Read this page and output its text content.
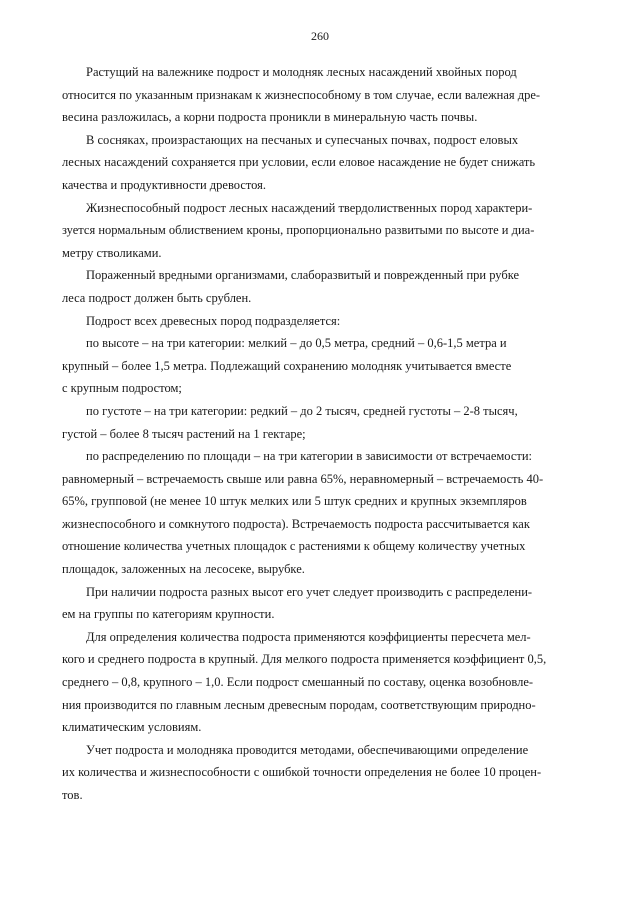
260
Растущий на валежнике подрост и молодняк лесных насаждений хвойных пород
относится по указанным признакам к жизнеспособному в том случае, если валежная дре-
весина разложилась, а корни подроста проникли в минеральную часть почвы.
В сосняках, произрастающих на песчаных и супесчаных почвах, подрост еловых
лесных насаждений сохраняется при условии, если еловое насаждение не будет снижать
качества и продуктивности древостоя.
Жизнеспособный подрост лесных насаждений твердолиственных пород характери-
зуется нормальным облиствением кроны, пропорционально развитыми по высоте и диа-
метру стволиками.
Пораженный вредными организмами, слаборазвитый и поврежденный при рубке
леса подрост должен быть срублен.
Подрост всех древесных пород подразделяется:
по высоте – на три категории: мелкий – до 0,5 метра, средний – 0,6-1,5 метра и
крупный – более 1,5 метра. Подлежащий сохранению молодняк учитывается вместе
с крупным подростом;
по густоте – на три категории: редкий – до 2 тысяч, средней густоты – 2-8 тысяч,
густой – более 8 тысяч растений на 1 гектаре;
по распределению по площади – на три категории в зависимости от встречаемости:
равномерный – встречаемость свыше или равна 65%, неравномерный – встречаемость 40-
65%, групповой (не менее 10 штук мелких или 5 штук средних и крупных экземпляров
жизнеспособного и сомкнутого подроста). Встречаемость подроста рассчитывается как
отношение количества учетных площадок с растениями к общему количеству учетных
площадок, заложенных на лесосеке, вырубке.
При наличии подроста разных высот его учет следует производить с распределени-
ем на группы по категориям крупности.
Для определения количества подроста применяются коэффициенты пересчета мел-
кого и среднего подроста в крупный. Для мелкого подроста применяется коэффициент 0,5,
среднего – 0,8, крупного – 1,0. Если подрост смешанный по составу, оценка возобновле-
ния производится по главным лесным древесным породам, соответствующим природно-
климатическим условиям.
Учет подроста и молодняка проводится методами, обеспечивающими определение
их количества и жизнеспособности с ошибкой точности определения не более 10 процен-
тов.
